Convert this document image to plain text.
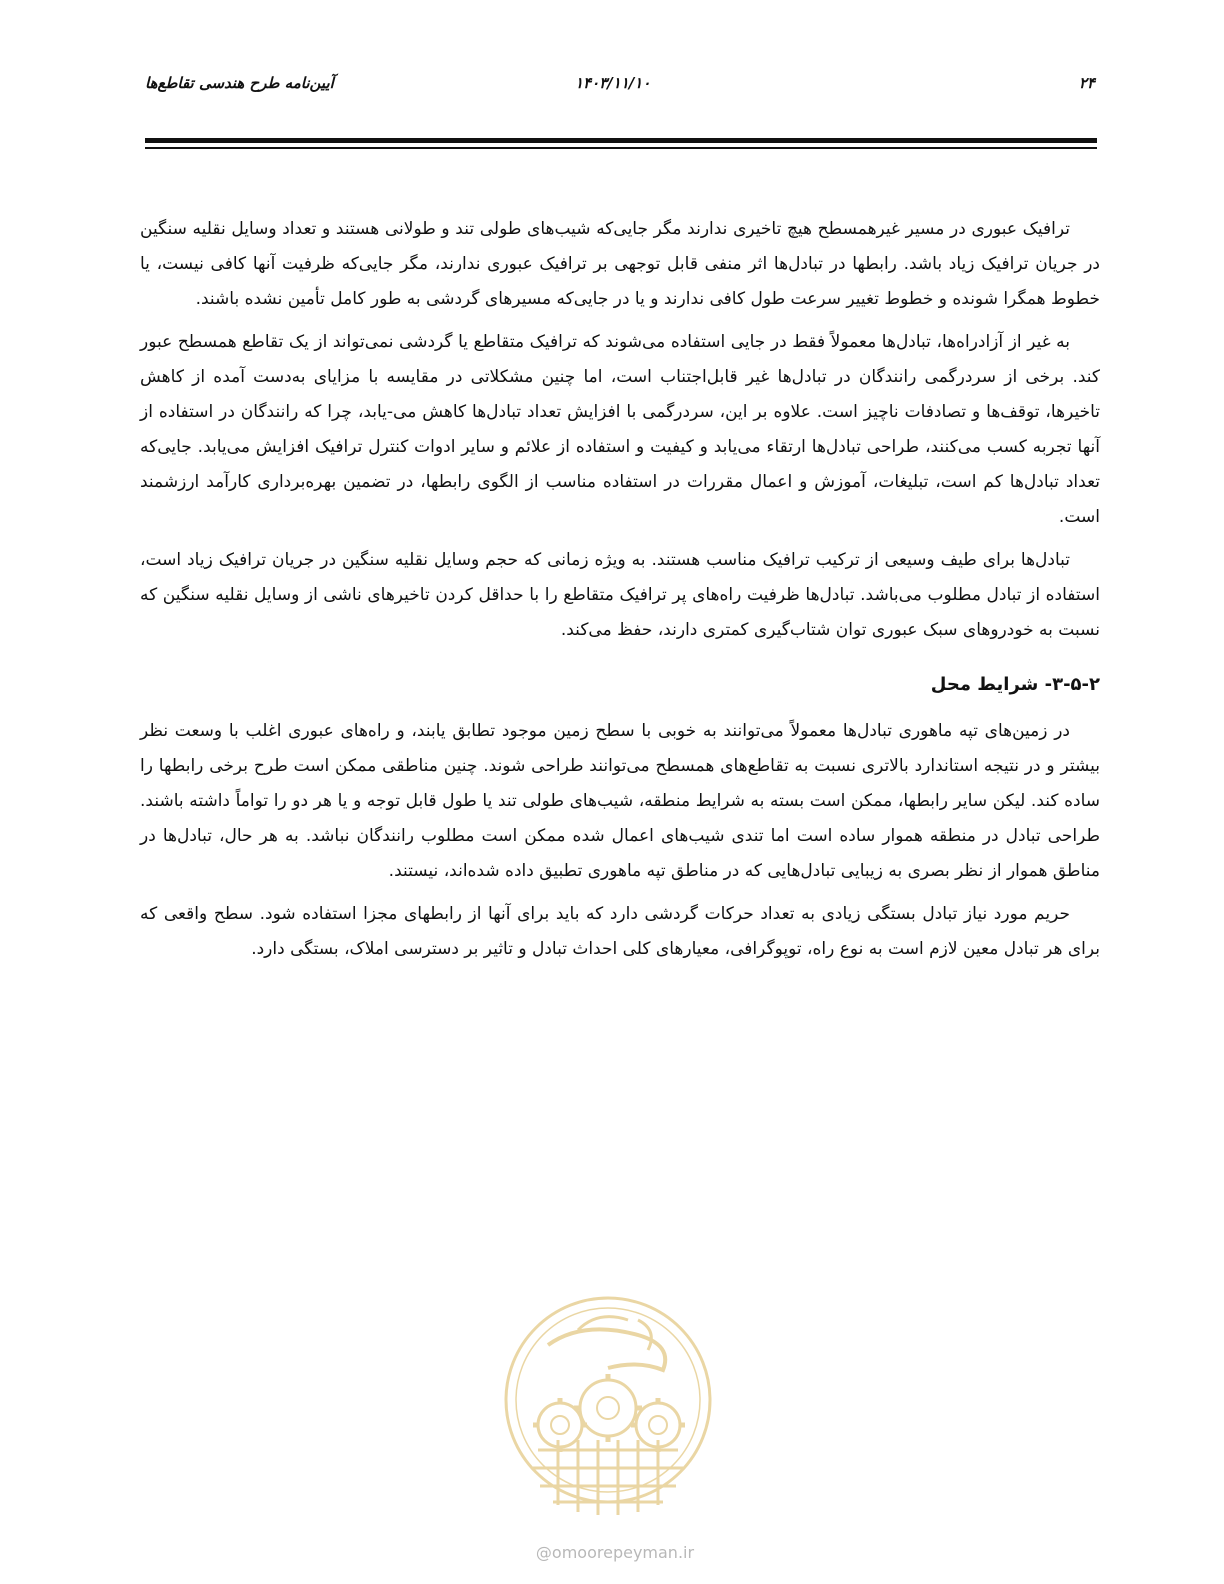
۲۴
۱۴۰۳/۱۱/۱۰
آیین‌نامه طرح هندسی تقاطع‌ها

ترافیک عبوری در مسیر غیرهمسطح هیچ تاخیری ندارند مگر جایی‌که شیب‌های طولی تند و طولانی هستند و تعداد وسایل نقلیه سنگین در جریان ترافیک زیاد باشد. رابطها در تبادل‌ها اثر منفی قابل توجهی بر ترافیک عبوری ندارند، مگر جایی‌که ظرفیت آنها کافی نیست، یا خطوط همگرا شونده و خطوط تغییر سرعت طول کافی ندارند و یا در جایی‌که مسیرهای گردشی به طور کامل تأمین نشده باشند.

به غیر از آزادراه‌ها، تبادل‌ها معمولاً فقط در جایی استفاده می‌شوند که ترافیک متقاطع یا گردشی نمی‌تواند از یک تقاطع همسطح عبور کند. برخی از سردرگمی رانندگان در تبادل‌ها غیر قابل‌اجتناب است، اما چنین مشکلاتی در مقایسه با مزایای به‌دست آمده از کاهش تاخیرها، توقف‌ها و تصادفات ناچیز است. علاوه بر این، سردرگمی با افزایش تعداد تبادل‌ها کاهش می-یابد، چرا که رانندگان در استفاده از آنها تجربه کسب می‌کنند، طراحی تبادل‌ها ارتقاء می‌یابد و کیفیت و استفاده از علائم و سایر ادوات کنترل ترافیک افزایش می‌یابد. جایی‌که تعداد تبادل‌ها کم است، تبلیغات، آموزش و اعمال مقررات در استفاده مناسب از الگوی رابطها، در تضمین بهره‌برداری کارآمد ارزشمند است.

تبادل‌ها برای طیف وسیعی از ترکیب ترافیک مناسب هستند. به ویژه زمانی که حجم وسایل نقلیه سنگین در جریان ترافیک زیاد است، استفاده از تبادل مطلوب می‌باشد. تبادل‌ها ظرفیت راه‌های پر ترافیک متقاطع را با حداقل کردن تاخیرهای ناشی از وسایل نقلیه سنگین که نسبت به خودروهای سبک عبوری توان شتاب‌گیری کمتری دارند، حفظ می‌کند.

۳-۵-۲- شرایط محل

در زمین‌های تپه ماهوری تبادل‌ها معمولاً می‌توانند به خوبی با سطح زمین موجود تطابق یابند، و راه‌های عبوری اغلب با وسعت نظر بیشتر و در نتیجه استاندارد بالاتری نسبت به تقاطع‌های همسطح می‌توانند طراحی شوند. چنین مناطقی ممکن است طرح برخی رابطها را ساده کند. لیکن سایر رابطها، ممکن است بسته به شرایط منطقه، شیب‌های طولی تند یا طول قابل توجه و یا هر دو را تواماً داشته باشند. طراحی تبادل در منطقه هموار ساده است اما تندی شیب‌های اعمال شده ممکن است مطلوب رانندگان نباشد. به هر حال، تبادل‌ها در مناطق هموار از نظر بصری به زیبایی تبادل‌هایی که در مناطق تپه ماهوری تطبیق داده شده‌اند، نیستند.

حریم مورد نیاز تبادل بستگی زیادی به تعداد حرکات گردشی دارد که باید برای آنها از رابطهای مجزا استفاده شود. سطح واقعی که برای هر تبادل معین لازم است به نوع راه، توپوگرافی، معیارهای کلی احداث تبادل و تاثیر بر دسترسی املاک، بستگی دارد.

@omoorepeyman.ir
